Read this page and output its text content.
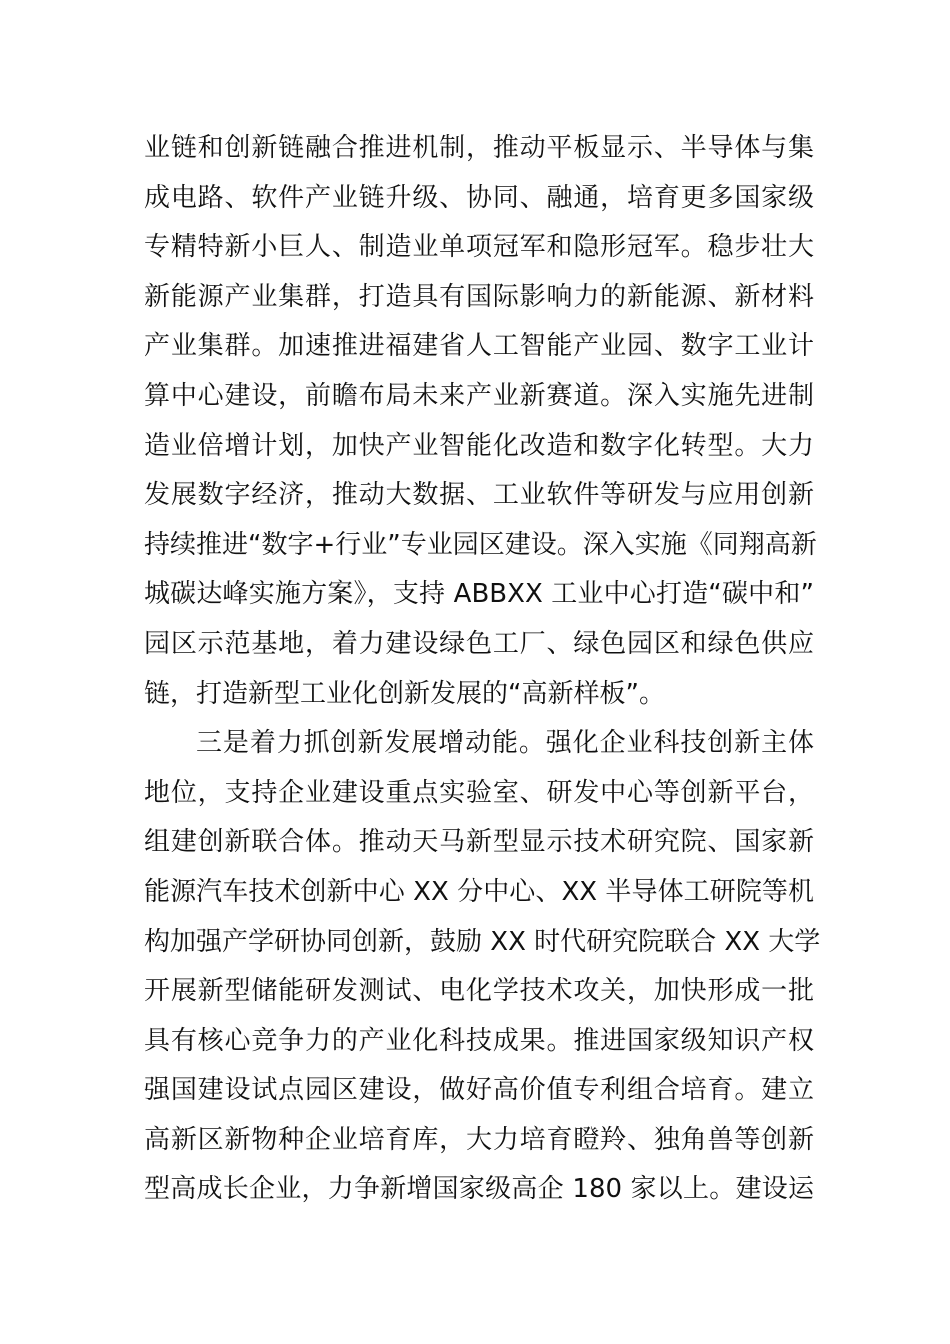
业链和创新链融合推进机制，推动平板显示、半导体与集
成电路、软件产业链升级、协同、融通，培育更多国家级
专精特新小巨人、制造业单项冠军和隐形冠军。稳步壮大
新能源产业集群，打造具有国际影响力的新能源、新材料
产业集群。加速推进福建省人工智能产业园、数字工业计
算中心建设，前瞻布局未来产业新赛道。深入实施先进制
造业倍增计划，加快产业智能化改造和数字化转型。大力
发展数字经济，推动大数据、工业软件等研发与应用创新
持续推进“数字+行业”专业园区建设。深入实施《同翔高新
城碳达峰实施方案》，支持 ABBXX 工业中心打造“碳中和”
园区示范基地，着力建设绿色工厂、绿色园区和绿色供应
链，打造新型工业化创新发展的“高新样板”。
三是着力抓创新发展增动能。强化企业科技创新主体
地位，支持企业建设重点实验室、研发中心等创新平台，
组建创新联合体。推动天马新型显示技术研究院、国家新
能源汽车技术创新中心 XX 分中心、XX 半导体工研院等机
构加强产学研协同创新，鼓励 XX 时代研究院联合 XX 大学
开展新型储能研发测试、电化学技术攻关，加快形成一批
具有核心竞争力的产业化科技成果。推进国家级知识产权
强国建设试点园区建设，做好高价值专利组合培育。建立
高新区新物种企业培育库，大力培育瞪羚、独角兽等创新
型高成长企业，力争新增国家级高企 180 家以上。建设运
